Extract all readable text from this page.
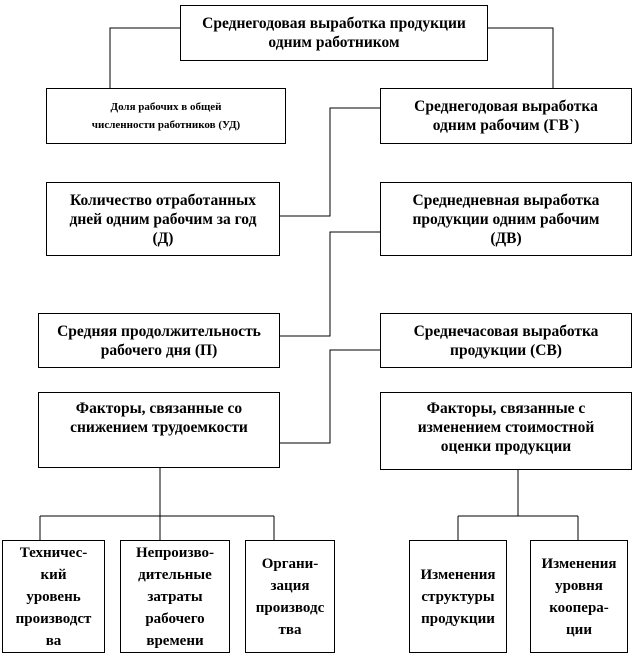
Среднегодовая выработка продукции
одним работником
Доля рабочих в общей
численности работников (УД)
Среднегодовая выработка
одним рабочим (ГВ`)
Количество отработанных
дней одним рабочим за год
(Д)
Среднедневная выработка
продукции одним рабочим
(ДВ)
Средняя продолжительность
рабочего дня (П)
Среднечасовая выработка
продукции (СВ)
Факторы, связанные со
снижением трудоемкости
Факторы, связанные с
изменением стоимостной
оценки продукции
Техничес-
кий
уровень
производст
ва
Непроизво-
дительные
затраты
рабочего
времени
Органи-
зация
производс
тва
Изменения
структуры
продукции
Изменения
уровня
коопера-
ции
